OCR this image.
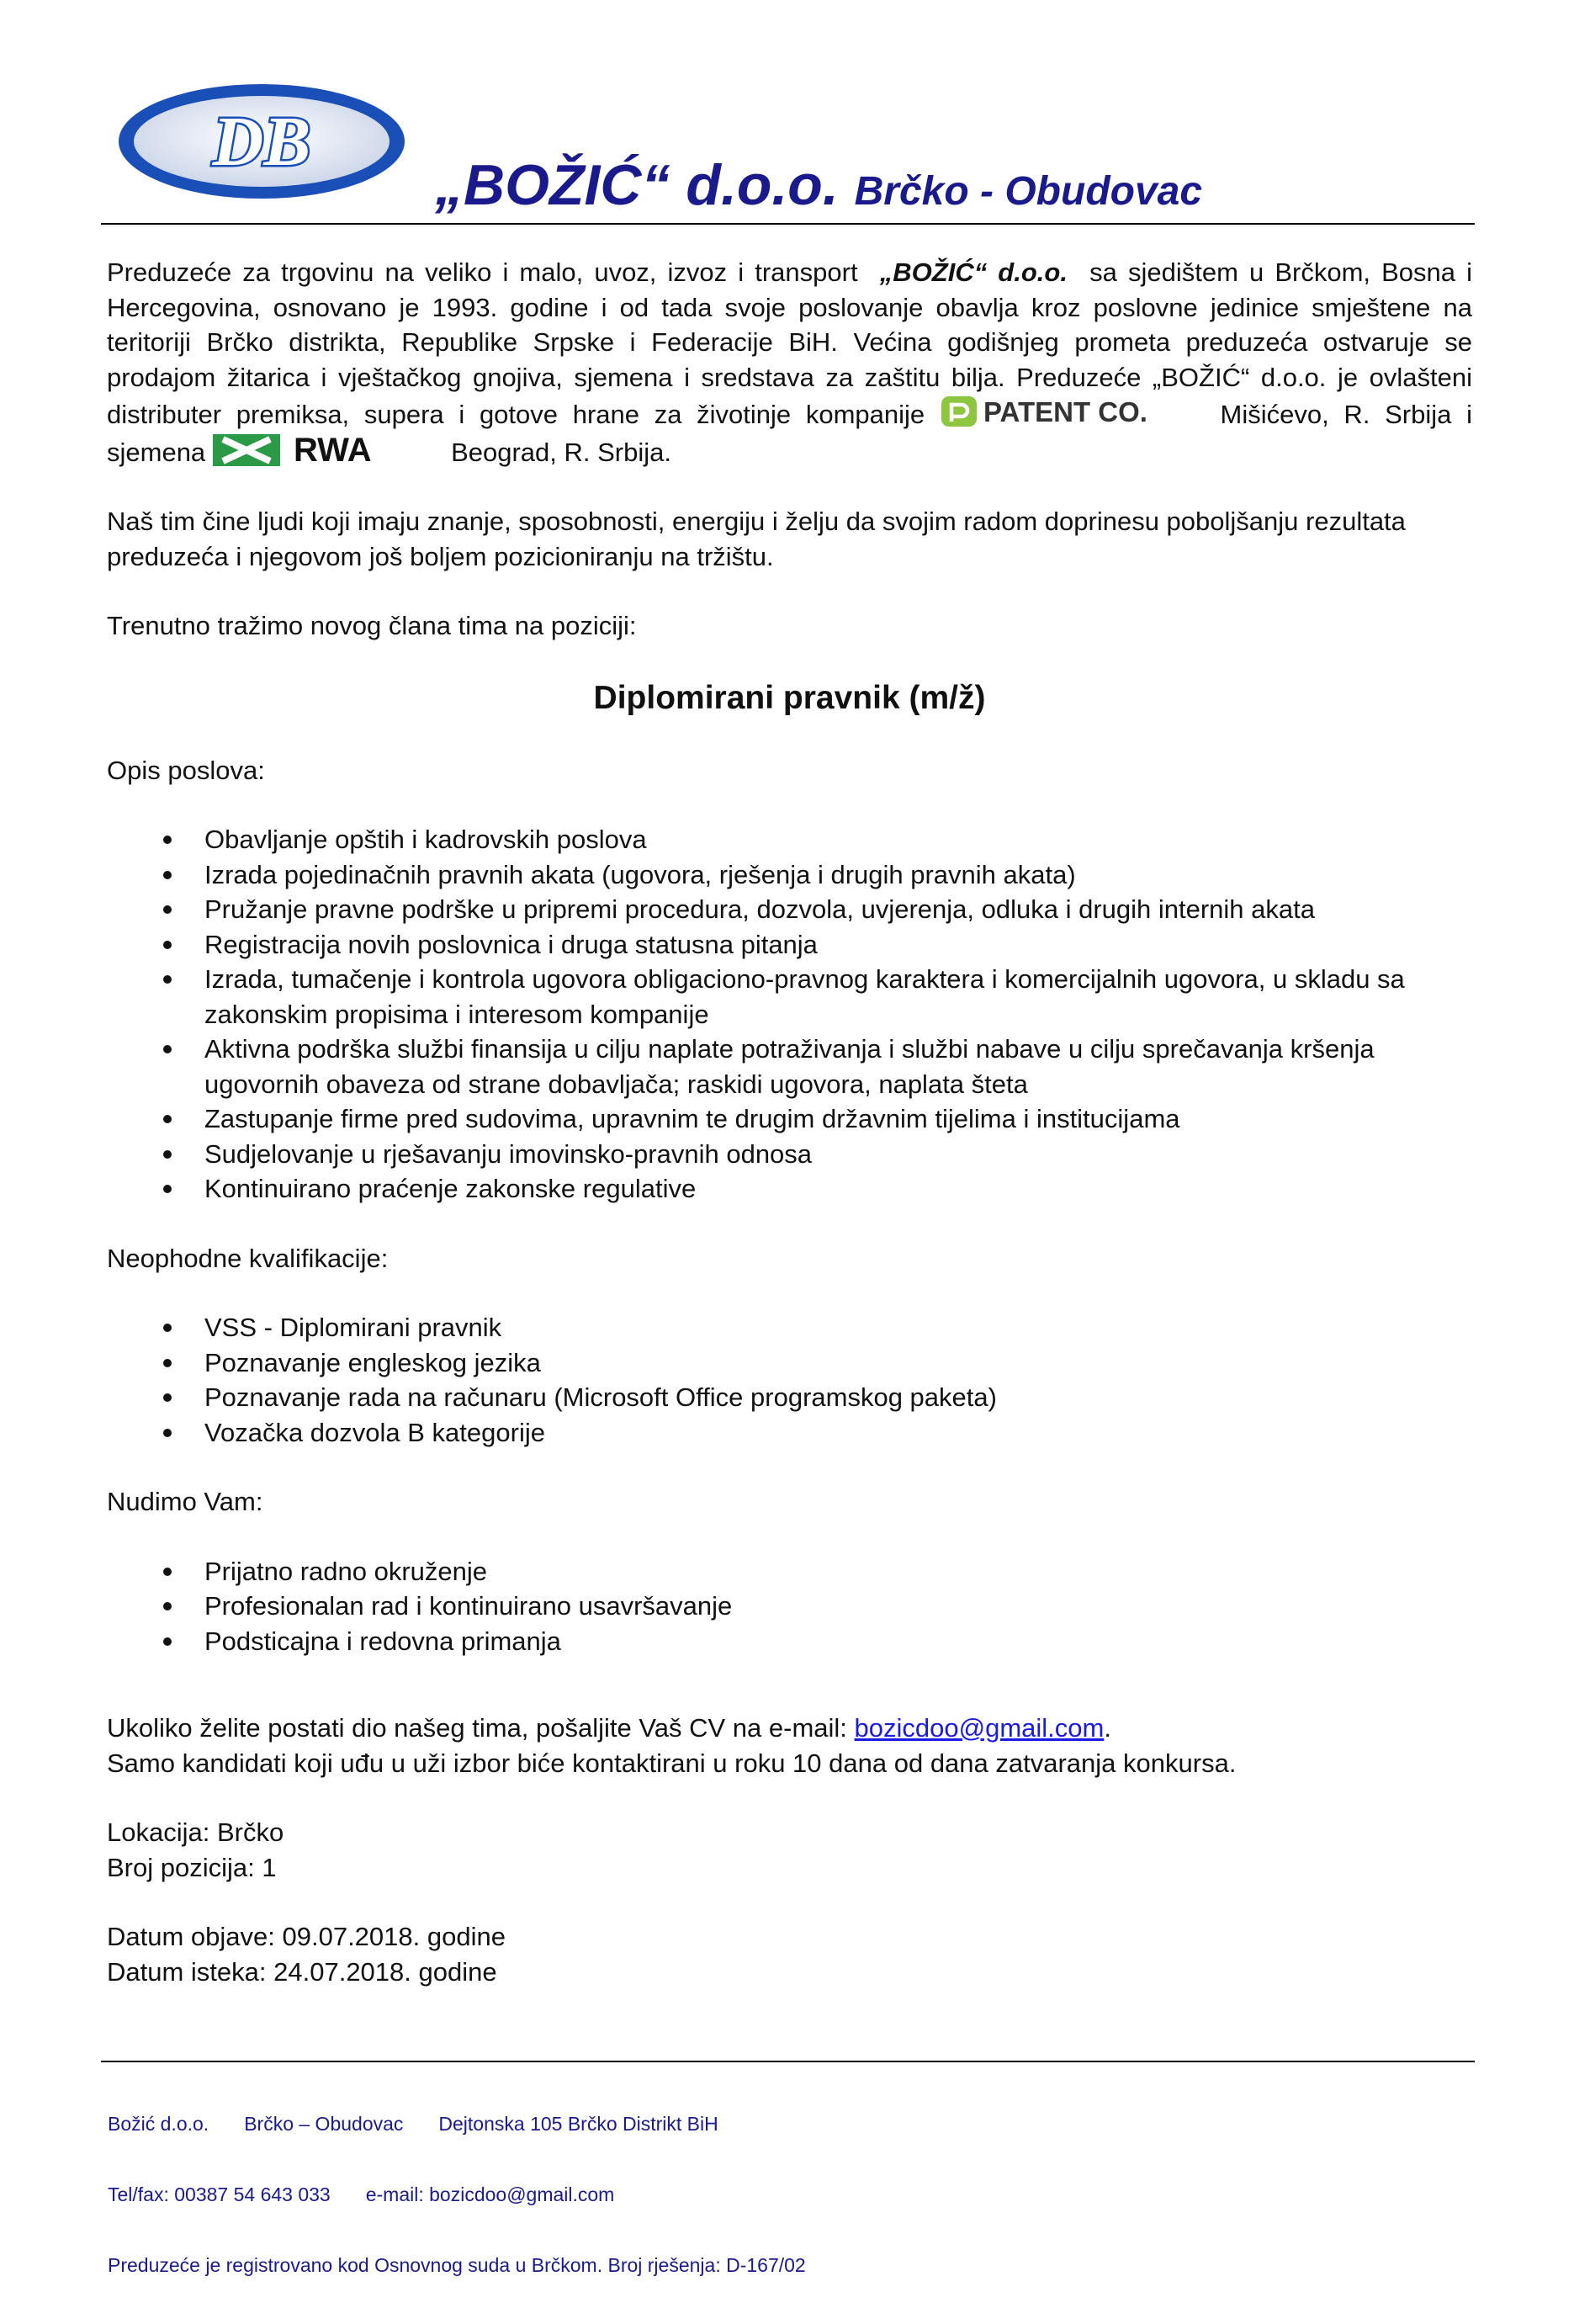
DB
„BOŽIĆ“ d.o.o. Brčko - Obudovac

Preduzeće za trgovinu na veliko i malo, uvoz, izvoz i transport „BOŽIĆ“ d.o.o. sa sjedištem u Brčkom, Bosna i Hercegovina, osnovano je 1993. godine i od tada svoje poslovanje obavlja kroz poslovne jedinice smještene na teritoriji Brčko distrikta, Republike Srpske i Federacije BiH. Većina godišnjeg prometa preduzeća ostvaruje se prodajom žitarica i vještačkog gnojiva, sjemena i sredstava za zaštitu bilja. Preduzeće „BOŽIĆ“ d.o.o. je ovlašteni distributer premiksa, supera i gotove hrane za životinje kompanije PATENT CO.	Mišićevo, R. Srbija i sjemena	RWA	Beograd, R. Srbija.

Naš tim čine ljudi koji imaju znanje, sposobnosti, energiju i želju da svojim radom doprinesu poboljšanju rezultata preduzeća i njegovom još boljem pozicioniranju na tržištu.

Trenutno tražimo novog člana tima na poziciji:

Diplomirani pravnik (m/ž)

Opis poslova:

Obavljanje opštih i kadrovskih poslova
Izrada pojedinačnih pravnih akata (ugovora, rješenja i drugih pravnih akata)
Pružanje pravne podrške u pripremi procedura, dozvola, uvjerenja, odluka i drugih internih akata
Registracija novih poslovnica i druga statusna pitanja
Izrada, tumačenje i kontrola ugovora obligaciono-pravnog karaktera i komercijalnih ugovora, u skladu sa zakonskim propisima i interesom kompanije
Aktivna podrška službi finansija u cilju naplate potraživanja i službi nabave u cilju sprečavanja kršenja ugovornih obaveza od strane dobavljača; raskidi ugovora, naplata šteta
Zastupanje firme pred sudovima, upravnim te drugim državnim tijelima i institucijama
Sudjelovanje u rješavanju imovinsko-pravnih odnosa
Kontinuirano praćenje zakonske regulative

Neophodne kvalifikacije:

VSS - Diplomirani pravnik
Poznavanje engleskog jezika
Poznavanje rada na računaru (Microsoft Office programskog paketa)
Vozačka dozvola B kategorije

Nudimo Vam:

Prijatno radno okruženje
Profesionalan rad i kontinuirano usavršavanje
Podsticajna i redovna primanja

Ukoliko želite postati dio našeg tima, pošaljite Vaš CV na e-mail: bozicdoo@gmail.com.

Samo kandidati koji uđu u uži izbor biće kontaktirani u roku 10 dana od dana zatvaranja konkursa.

Lokacija: Brčko

Broj pozicija: 1

Datum objave: 09.07.2018. godine

Datum isteka: 24.07.2018. godine

Božić d.o.o. Brčko – Obudovac Dejtonska 105 Brčko Distrikt BiH

Tel/fax: 00387 54 643 033 e-mail: bozicdoo@gmail.com

Preduzeće je registrovano kod Osnovnog suda u Brčkom. Broj rješenja: D-167/02
